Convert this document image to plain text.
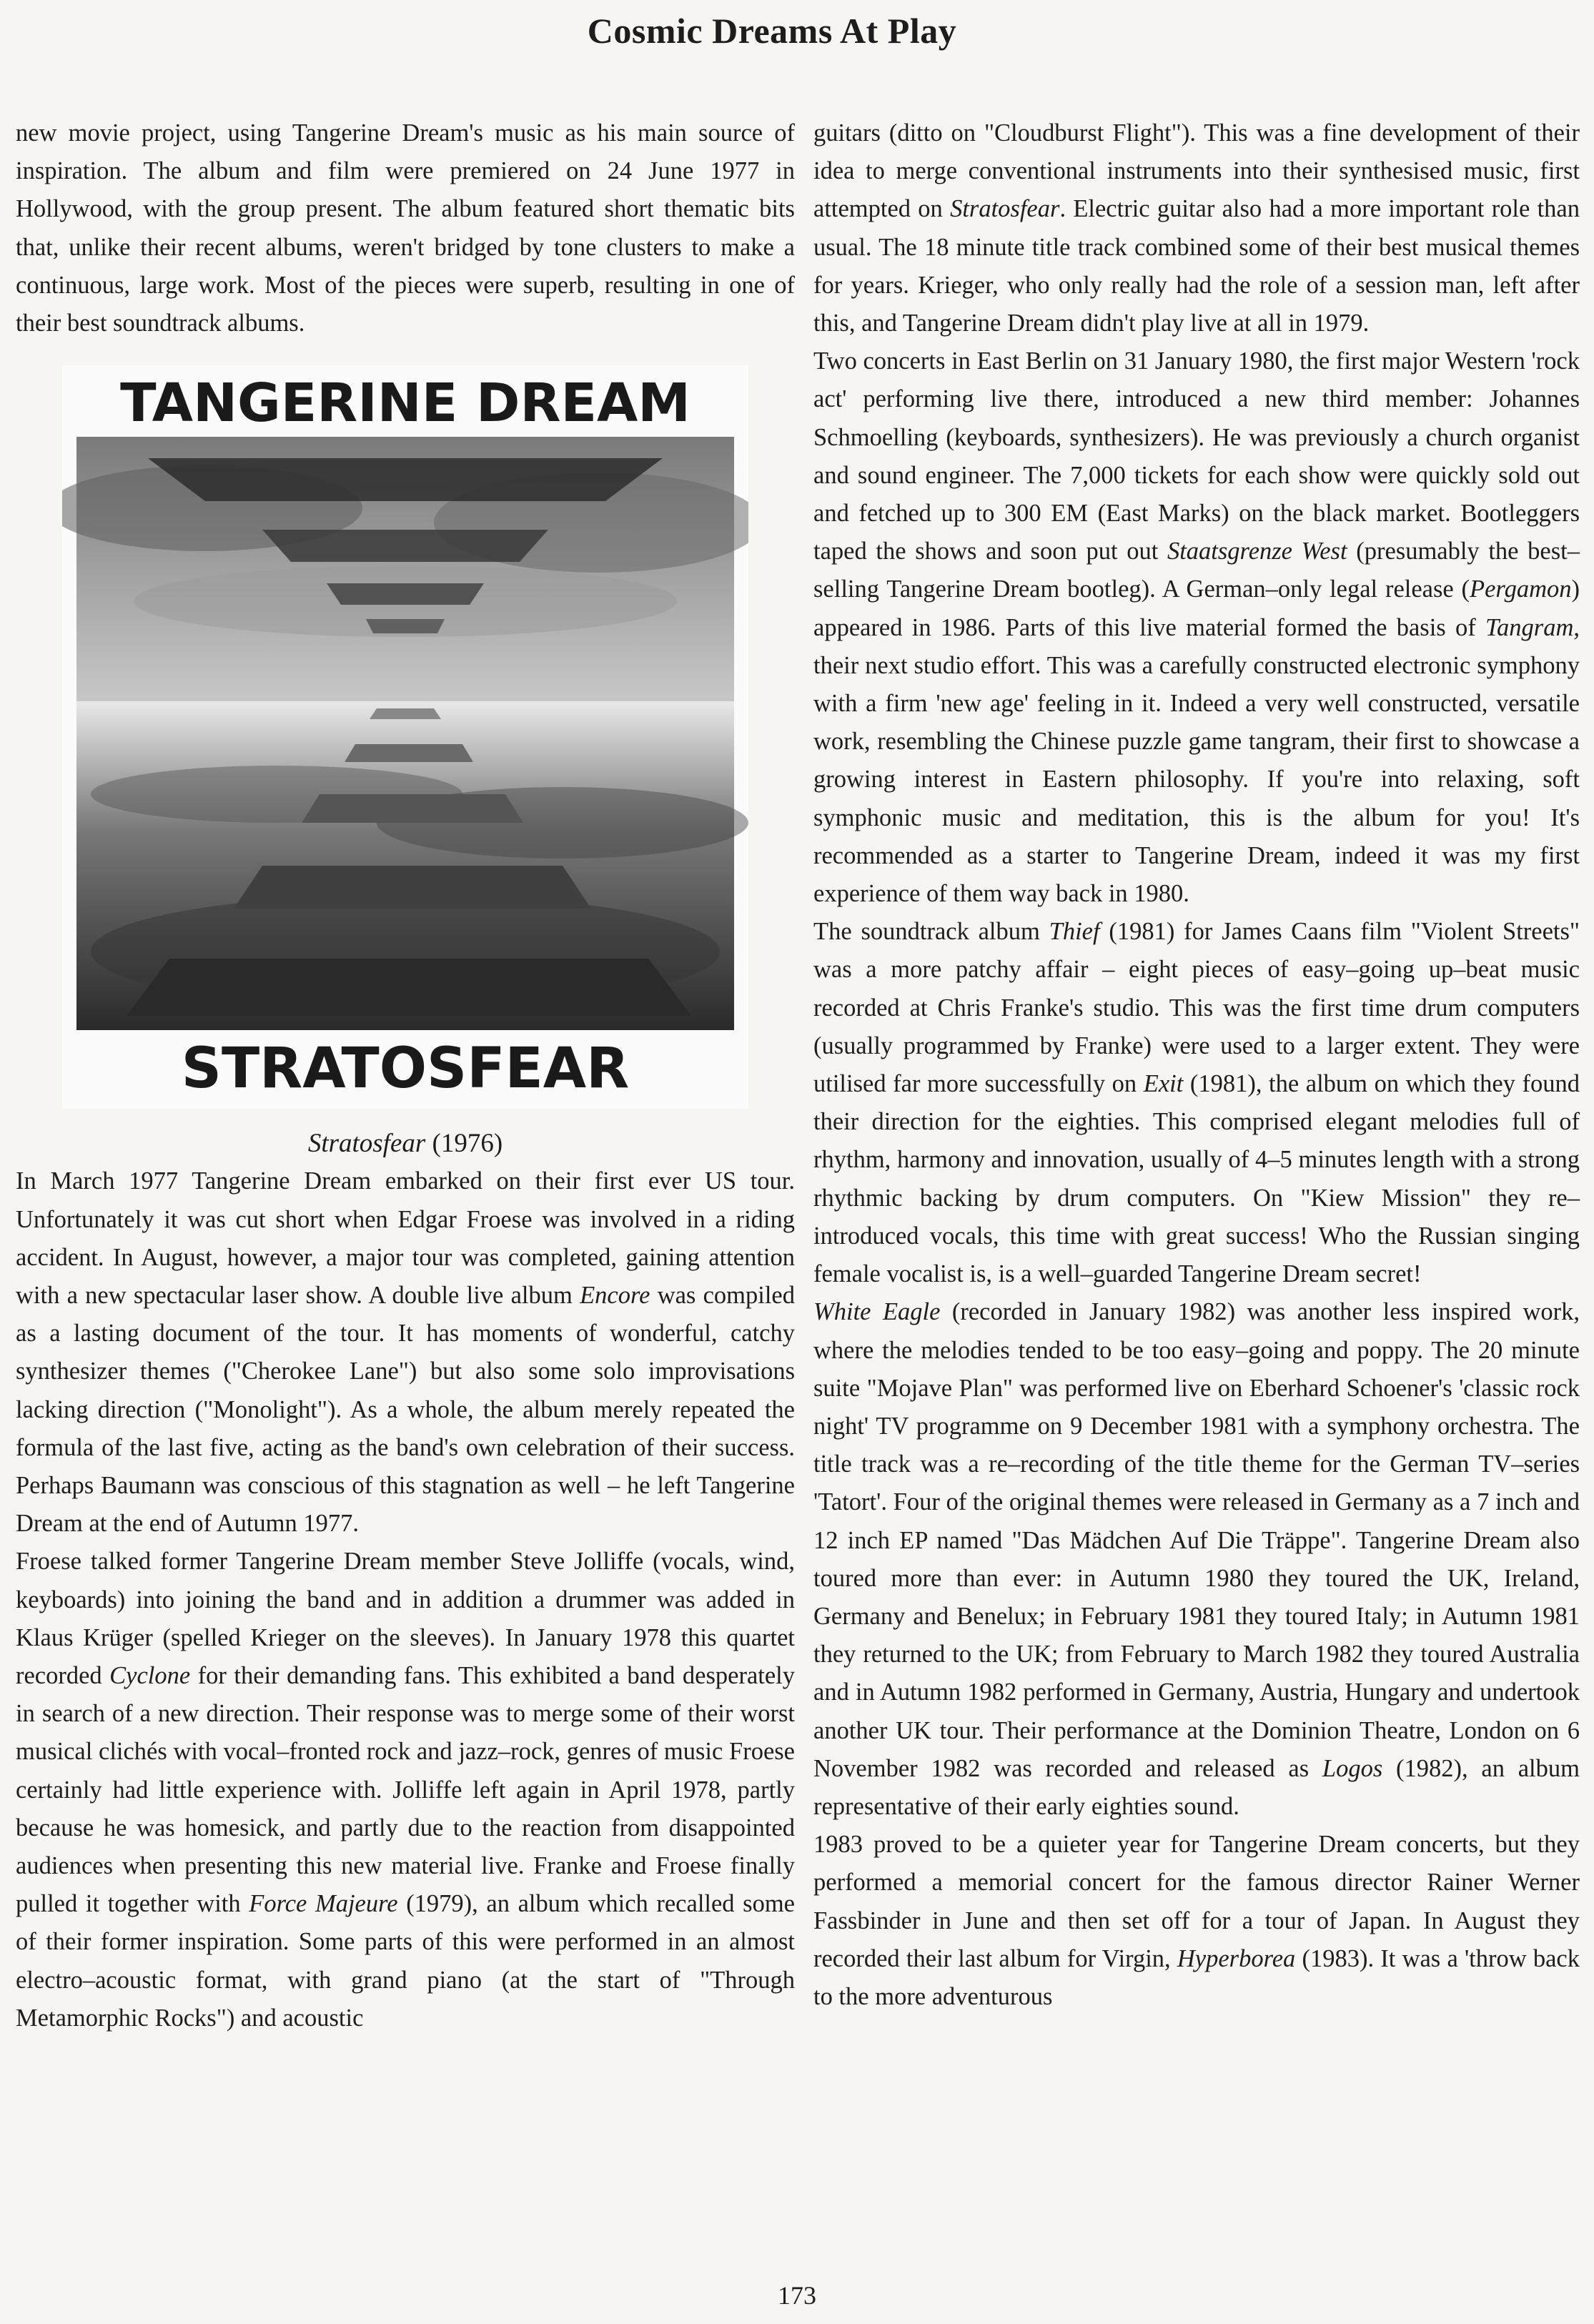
Cosmic Dreams At Play

new movie project, using Tangerine Dream's music as his main source of inspiration. The album and film were premiered on 24 June 1977 in Hollywood, with the group present. The album featured short thematic bits that, unlike their recent albums, weren't bridged by tone clusters to make a continuous, large work. Most of the pieces were superb, resulting in one of their best soundtrack albums.

TANGERINE DREAM
STRATOSFEAR
Stratosfear (1976)

In March 1977 Tangerine Dream embarked on their first ever US tour. Unfortunately it was cut short when Edgar Froese was involved in a riding accident. In August, however, a major tour was completed, gaining attention with a new spectacular laser show. A double live album Encore was compiled as a lasting document of the tour. It has moments of wonderful, catchy synthesizer themes ("Cherokee Lane") but also some solo improvisations lacking direction ("Monolight"). As a whole, the album merely repeated the formula of the last five, acting as the band's own celebration of their success. Perhaps Baumann was conscious of this stagnation as well – he left Tangerine Dream at the end of Autumn 1977.

Froese talked former Tangerine Dream member Steve Jolliffe (vocals, wind, keyboards) into joining the band and in addition a drummer was added in Klaus Krüger (spelled Krieger on the sleeves). In January 1978 this quartet recorded Cyclone for their demanding fans. This exhibited a band desperately in search of a new direction. Their response was to merge some of their worst musical clichés with vocal–fronted rock and jazz–rock, genres of music Froese certainly had little experience with. Jolliffe left again in April 1978, partly because he was homesick, and partly due to the reaction from disappointed audiences when presenting this new material live. Franke and Froese finally pulled it together with Force Majeure (1979), an album which recalled some of their former inspiration. Some parts of this were performed in an almost electro–acoustic format, with grand piano (at the start of "Through Metamorphic Rocks") and acoustic

guitars (ditto on "Cloudburst Flight"). This was a fine development of their idea to merge conventional instruments into their synthesised music, first attempted on Stratosfear. Electric guitar also had a more important role than usual. The 18 minute title track combined some of their best musical themes for years. Krieger, who only really had the role of a session man, left after this, and Tangerine Dream didn't play live at all in 1979.

Two concerts in East Berlin on 31 January 1980, the first major Western 'rock act' performing live there, introduced a new third member: Johannes Schmoelling (keyboards, synthesizers). He was previously a church organist and sound engineer. The 7,000 tickets for each show were quickly sold out and fetched up to 300 EM (East Marks) on the black market. Bootleggers taped the shows and soon put out Staatsgrenze West (presumably the best–selling Tangerine Dream bootleg). A German–only legal release (Pergamon) appeared in 1986. Parts of this live material formed the basis of Tangram, their next studio effort. This was a carefully constructed electronic symphony with a firm 'new age' feeling in it. Indeed a very well constructed, versatile work, resembling the Chinese puzzle game tangram, their first to showcase a growing interest in Eastern philosophy. If you're into relaxing, soft symphonic music and meditation, this is the album for you! It's recommended as a starter to Tangerine Dream, indeed it was my first experience of them way back in 1980.

The soundtrack album Thief (1981) for James Caans film "Violent Streets" was a more patchy affair – eight pieces of easy–going up–beat music recorded at Chris Franke's studio. This was the first time drum computers (usually programmed by Franke) were used to a larger extent. They were utilised far more successfully on Exit (1981), the album on which they found their direction for the eighties. This comprised elegant melodies full of rhythm, harmony and innovation, usually of 4–5 minutes length with a strong rhythmic backing by drum computers. On "Kiew Mission" they re–introduced vocals, this time with great success! Who the Russian singing female vocalist is, is a well–guarded Tangerine Dream secret!

White Eagle (recorded in January 1982) was another less inspired work, where the melodies tended to be too easy–going and poppy. The 20 minute suite "Mojave Plan" was performed live on Eberhard Schoener's 'classic rock night' TV programme on 9 December 1981 with a symphony orchestra. The title track was a re–recording of the title theme for the German TV–series 'Tatort'. Four of the original themes were released in Germany as a 7 inch and 12 inch EP named "Das Mädchen Auf Die Träppe". Tangerine Dream also toured more than ever: in Autumn 1980 they toured the UK, Ireland, Germany and Benelux; in February 1981 they toured Italy; in Autumn 1981 they returned to the UK; from February to March 1982 they toured Australia and in Autumn 1982 performed in Germany, Austria, Hungary and undertook another UK tour. Their performance at the Dominion Theatre, London on 6 November 1982 was recorded and released as Logos (1982), an album representative of their early eighties sound.

1983 proved to be a quieter year for Tangerine Dream concerts, but they performed a memorial concert for the famous director Rainer Werner Fassbinder in June and then set off for a tour of Japan. In August they recorded their last album for Virgin, Hyperborea (1983). It was a 'throw back to the more adventurous

173
